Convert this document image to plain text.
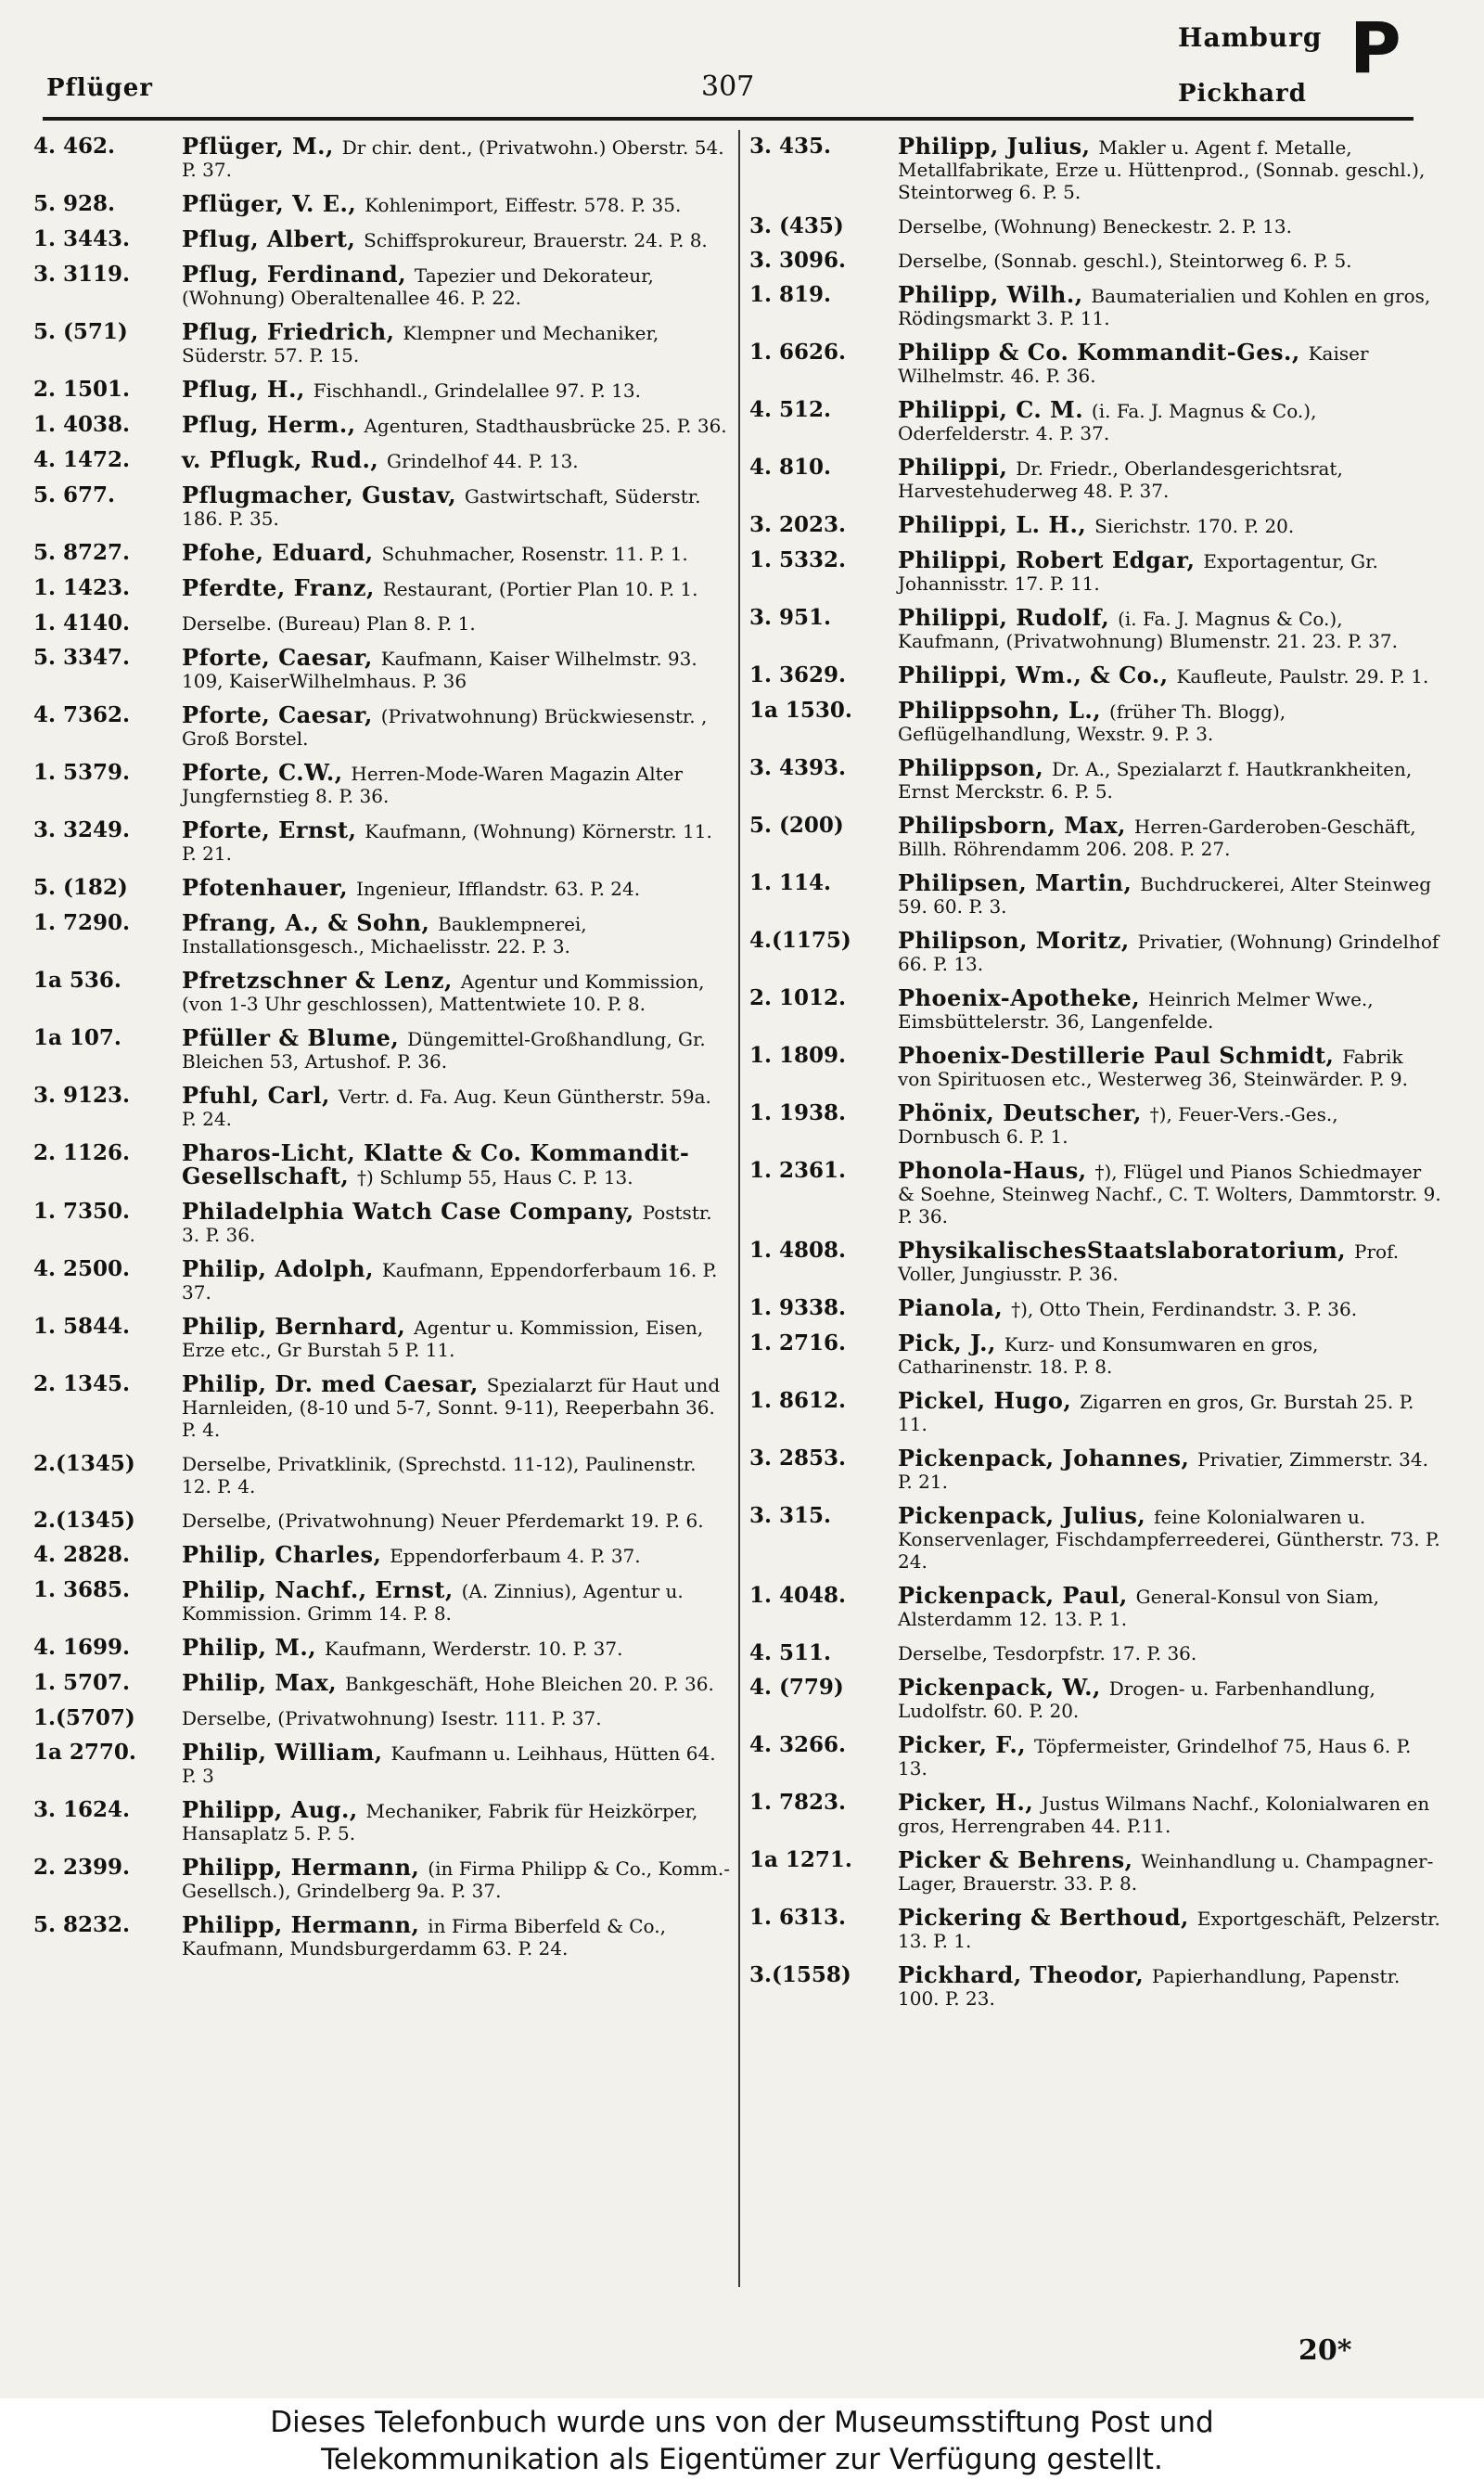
Pflüger	307
Hamburg
Pickhard
P
4. 462.	Pflüger, M., Dr chir. dent., (Privatwohn.) Oberstr. 54. P. 37.
5. 928.	Pflüger, V. E., Kohlenimport, Eiffestr. 578. P. 35.
1. 3443.	Pflug, Albert, Schiffsprokureur, Brauerstr. 24. P. 8.
3. 3119.	Pflug, Ferdinand, Tapezier und Dekorateur, (Wohnung) Oberaltenallee 46. P. 22.
5. (571)	Pflug, Friedrich, Klempner und Mechaniker, Süderstr. 57. P. 15.
2. 1501.	Pflug, H., Fischhandl., Grindelallee 97. P. 13.
1. 4038.	Pflug, Herm., Agenturen, Stadthausbrücke 25. P. 36.
4. 1472.	v. Pflugk, Rud., Grindelhof 44. P. 13.
5. 677.	Pflugmacher, Gustav, Gastwirtschaft, Süderstr. 186. P. 35.
5. 8727.	Pfohe, Eduard, Schuhmacher, Rosenstr. 11. P. 1.
1. 1423.	Pferdte, Franz, Restaurant, (Portier Plan 10. P. 1.
1. 4140.	Derselbe. (Bureau) Plan 8. P. 1.
5. 3347.	Pforte, Caesar, Kaufmann, Kaiser Wilhelmstr. 93. 109, KaiserWilhelmhaus. P. 36
4. 7362.	Pforte, Caesar, (Privatwohnung) Brückwiesenstr. , Groß Borstel.
1. 5379.	Pforte, C.W., Herren-Mode-Waren Magazin Alter Jungfernstieg 8. P. 36.
3. 3249.	Pforte, Ernst, Kaufmann, (Wohnung) Körnerstr. 11. P. 21.
5. (182)	Pfotenhauer, Ingenieur, Ifflandstr. 63. P. 24.
1. 7290.	Pfrang, A., & Sohn, Bauklempnerei, Installationsgesch., Michaelisstr. 22. P. 3.
1a 536.	Pfretzschner & Lenz, Agentur und Kommission, (von 1-3 Uhr geschlossen), Mattentwiete 10. P. 8.
1a 107.	Pfüller & Blume, Düngemittel-Großhandlung, Gr. Bleichen 53, Artushof. P. 36.
3. 9123.	Pfuhl, Carl, Vertr. d. Fa. Aug. Keun Güntherstr. 59a. P. 24.
2. 1126.	Pharos-Licht, Klatte & Co. Kommandit-Gesellschaft, †) Schlump 55, Haus C. P. 13.
1. 7350.	Philadelphia Watch Case Company, Poststr. 3. P. 36.
4. 2500.	Philip, Adolph, Kaufmann, Eppendorferbaum 16. P. 37.
1. 5844.	Philip, Bernhard, Agentur u. Kommission, Eisen, Erze etc., Gr Burstah 5 P. 11.
2. 1345.	Philip, Dr. med Caesar, Spezialarzt für Haut und Harnleiden, (8-10 und 5-7, Sonnt. 9-11), Reeperbahn 36. P. 4.
2.(1345)	Derselbe, Privatklinik, (Sprechstd. 11-12), Paulinenstr. 12. P. 4.
2.(1345)	Derselbe, (Privatwohnung) Neuer Pferdemarkt 19. P. 6.
4. 2828.	Philip, Charles, Eppendorferbaum 4. P. 37.
1. 3685.	Philip, Nachf., Ernst, (A. Zinnius), Agentur u. Kommission. Grimm 14. P. 8.
4. 1699.	Philip, M., Kaufmann, Werderstr. 10. P. 37.
1. 5707.	Philip, Max, Bankgeschäft, Hohe Bleichen 20. P. 36.
1.(5707)	Derselbe, (Privatwohnung) Isestr. 111. P. 37.
1a 2770.	Philip, William, Kaufmann u. Leihhaus, Hütten 64. P. 3
3. 1624.	Philipp, Aug., Mechaniker, Fabrik für Heizkörper, Hansaplatz 5. P. 5.
2. 2399.	Philipp, Hermann, (in Firma Philipp & Co., Komm.-Gesellsch.), Grindelberg 9a. P. 37.
5. 8232.	Philipp, Hermann, in Firma Biberfeld & Co., Kaufmann, Mundsburgerdamm 63. P. 24.
3. 435.	Philipp, Julius, Makler u. Agent f. Metalle, Metallfabrikate, Erze u. Hüttenprod., (Sonnab. geschl.), Steintorweg 6. P. 5.
3. (435)	Derselbe, (Wohnung) Beneckestr. 2. P. 13.
3. 3096.	Derselbe, (Sonnab. geschl.), Steintorweg 6. P. 5.
1. 819.	Philipp, Wilh., Baumaterialien und Kohlen en gros, Rödingsmarkt 3. P. 11.
1. 6626.	Philipp & Co. Kommandit-Ges., Kaiser Wilhelmstr. 46. P. 36.
4. 512.	Philippi, C. M. (i. Fa. J. Magnus & Co.), Oderfelderstr. 4. P. 37.
4. 810.	Philippi, Dr. Friedr., Oberlandesgerichtsrat, Harvestehuderweg 48. P. 37.
3. 2023.	Philippi, L. H., Sierichstr. 170. P. 20.
1. 5332.	Philippi, Robert Edgar, Exportagentur, Gr. Johannisstr. 17. P. 11.
3. 951.	Philippi, Rudolf, (i. Fa. J. Magnus & Co.), Kaufmann, (Privatwohnung) Blumenstr. 21. 23. P. 37.
1. 3629.	Philippi, Wm., & Co., Kaufleute, Paulstr. 29. P. 1.
1a 1530.	Philippsohn, L., (früher Th. Blogg), Geflügelhandlung, Wexstr. 9. P. 3.
3. 4393.	Philippson, Dr. A., Spezialarzt f. Hautkrankheiten, Ernst Merckstr. 6. P. 5.
5. (200)	Philipsborn, Max, Herren-Garderoben-Geschäft, Billh. Röhrendamm 206. 208. P. 27.
1. 114.	Philipsen, Martin, Buchdruckerei, Alter Steinweg 59. 60. P. 3.
4.(1175)	Philipson, Moritz, Privatier, (Wohnung) Grindelhof 66. P. 13.
2. 1012.	Phoenix-Apotheke, Heinrich Melmer Wwe., Eimsbüttelerstr. 36, Langenfelde.
1. 1809.	Phoenix-Destillerie Paul Schmidt, Fabrik von Spirituosen etc., Westerweg 36, Steinwärder. P. 9.
1. 1938.	Phönix, Deutscher, †), Feuer-Vers.-Ges., Dornbusch 6. P. 1.
1. 2361.	Phonola-Haus, †), Flügel und Pianos Schiedmayer & Soehne, Steinweg Nachf., C. T. Wolters, Dammtorstr. 9. P. 36.
1. 4808.	PhysikalischesStaatslaboratorium, Prof. Voller, Jungiusstr. P. 36.
1. 9338.	Pianola, †), Otto Thein, Ferdinandstr. 3. P. 36.
1. 2716.	Pick, J., Kurz- und Konsumwaren en gros, Catharinenstr. 18. P. 8.
1. 8612.	Pickel, Hugo, Zigarren en gros, Gr. Burstah 25. P. 11.
3. 2853.	Pickenpack, Johannes, Privatier, Zimmerstr. 34. P. 21.
3. 315.	Pickenpack, Julius, feine Kolonialwaren u. Konservenlager, Fischdampferreederei, Güntherstr. 73. P. 24.
1. 4048.	Pickenpack, Paul, General-Konsul von Siam, Alsterdamm 12. 13. P. 1.
4. 511.	Derselbe, Tesdorpfstr. 17. P. 36.
4. (779)	Pickenpack, W., Drogen- u. Farbenhandlung, Ludolfstr. 60. P. 20.
4. 3266.	Picker, F., Töpfermeister, Grindelhof 75, Haus 6. P. 13.
1. 7823.	Picker, H., Justus Wilmans Nachf., Kolonialwaren en gros, Herrengraben 44. P.11.
1a 1271.	Picker & Behrens, Weinhandlung u. Champagner-Lager, Brauerstr. 33. P. 8.
1. 6313.	Pickering & Berthoud, Exportgeschäft, Pelzerstr. 13. P. 1.
3.(1558)	Pickhard, Theodor, Papierhandlung, Papenstr. 100. P. 23.
20*
Dieses Telefonbuch wurde uns von der Museumsstiftung Post und
Telekommunikation als Eigentümer zur Verfügung gestellt.
